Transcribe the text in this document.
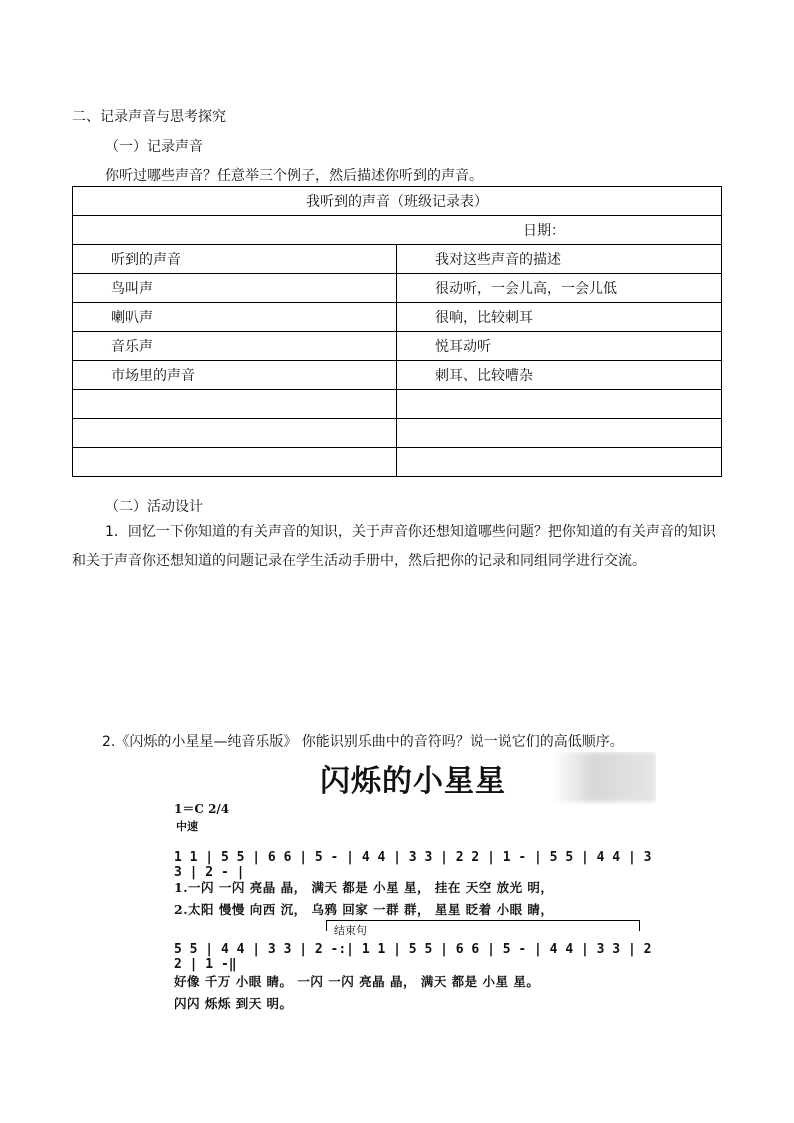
二、记录声音与思考探究
（一）记录声音
你听过哪些声音？任意举三个例子，然后描述你听到的声音。
我听到的声音（班级记录表）	
日期：	
听到的声音	我对这些声音的描述
鸟叫声	很动听，一会儿高，一会儿低
喇叭声	很响，比较刺耳
音乐声	悦耳动听
市场里的声音	刺耳、比较嘈杂

（二）活动设计
1．回忆一下你知道的有关声音的知识，关于声音你还想知道哪些问题？把你知道的有关声音的知识和关于声音你还想知道的问题记录在学生活动手册中，然后把你的记录和同组同学进行交流。
2.《闪烁的小星星—纯音乐版》 你能识别乐曲中的音符吗？说一说它们的高低顺序。
闪烁的小星星
1＝C 2/4
中速
1 1 | 5 5 | 6 6 | 5 - | 4 4 | 3 3 | 2 2 | 1 - | 5 5 | 4 4 | 3 3 | 2 - |
1.一闪 一闪 亮晶 晶， 满天 都是 小星 星， 挂在 天空 放光 明，
2.太阳 慢慢 向西 沉， 乌鸦 回家 一群 群， 星星 眨着 小眼 睛，
结束句
5 5 | 4 4 | 3 3 | 2 -:| 1 1 | 5 5 | 6 6 | 5 - | 4 4 | 3 3 | 2 2 | 1 -‖
好像 千万 小眼 睛。 一闪 一闪 亮晶 晶， 满天 都是 小星 星。
闪闪 烁烁 到天 明。
